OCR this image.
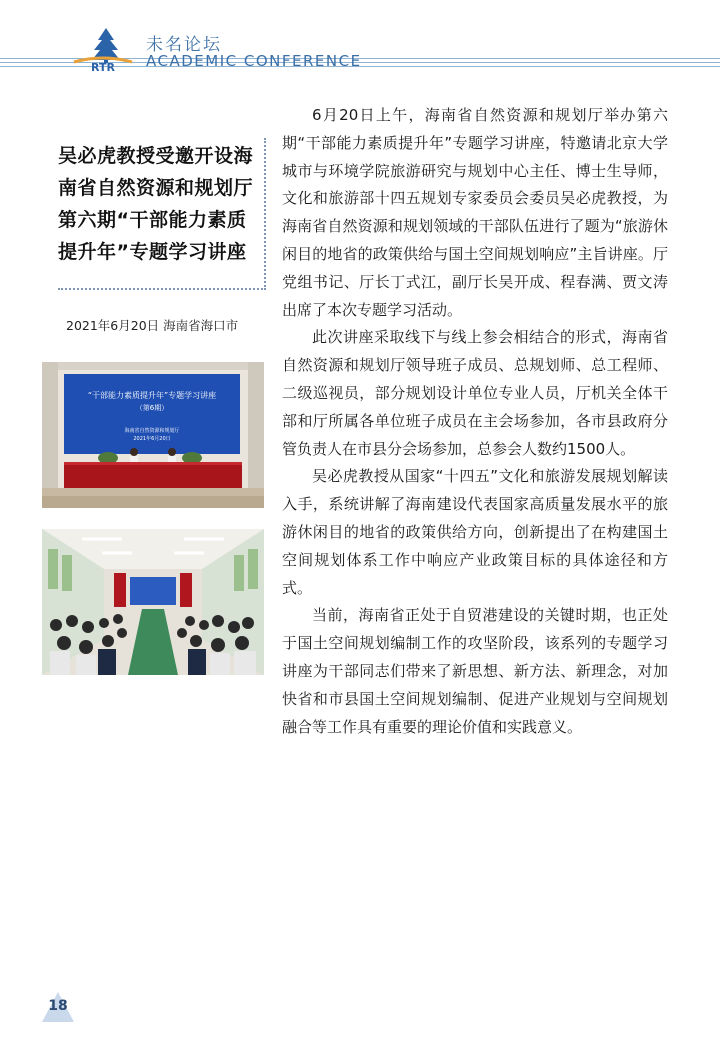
RTR
未名论坛
ACADEMIC CONFERENCE
吴必虎教授受邀开设海南省自然资源和规划厅第六期“干部能力素质提升年”专题学习讲座
2021年6月20日 海南省海口市
“干部能力素质提升年”专题学习讲座
（第6期）
海南省自然资源和规划厅
2021年6月20日

6月20日上午，海南省自然资源和规划厅举办第六期“干部能力素质提升年”专题学习讲座，特邀请北京大学城市与环境学院旅游研究与规划中心主任、博士生导师，文化和旅游部十四五规划专家委员会委员吴必虎教授，为海南省自然资源和规划领域的干部队伍进行了题为“旅游休闲目的地省的政策供给与国土空间规划响应”主旨讲座。厅党组书记、厅长丁式江，副厅长吴开成、程春满、贾文涛出席了本次专题学习活动。

此次讲座采取线下与线上参会相结合的形式，海南省自然资源和规划厅领导班子成员、总规划师、总工程师、二级巡视员，部分规划设计单位专业人员，厅机关全体干部和厅所属各单位班子成员在主会场参加，各市县政府分管负责人在市县分会场参加，总参会人数约1500人。

吴必虎教授从国家“十四五”文化和旅游发展规划解读入手，系统讲解了海南建设代表国家高质量发展水平的旅游休闲目的地省的政策供给方向，创新提出了在构建国土空间规划体系工作中响应产业政策目标的具体途径和方式。

当前，海南省正处于自贸港建设的关键时期，也正处于国土空间规划编制工作的攻坚阶段，该系列的专题学习讲座为干部同志们带来了新思想、新方法、新理念，对加快省和市县国土空间规划编制、促进产业规划与空间规划融合等工作具有重要的理论价值和实践意义。

18
